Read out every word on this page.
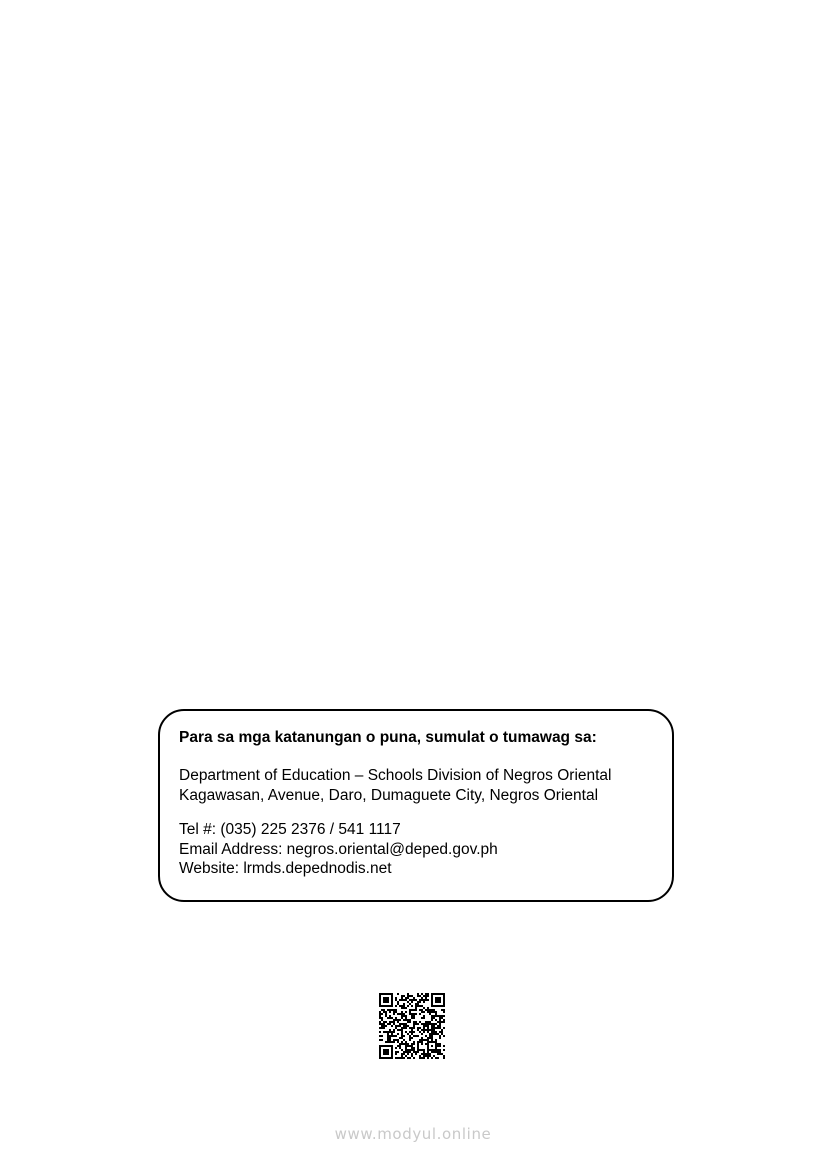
Para sa mga katanungan o puna, sumulat o tumawag sa:

Department of Education – Schools Division of Negros Oriental
Kagawasan, Avenue, Daro, Dumaguete City, Negros Oriental
Tel #: (035) 225 2376 / 541 1117
Email Address: negros.oriental@deped.gov.ph
Website: lrmds.depednodis.net
www.modyul.online
